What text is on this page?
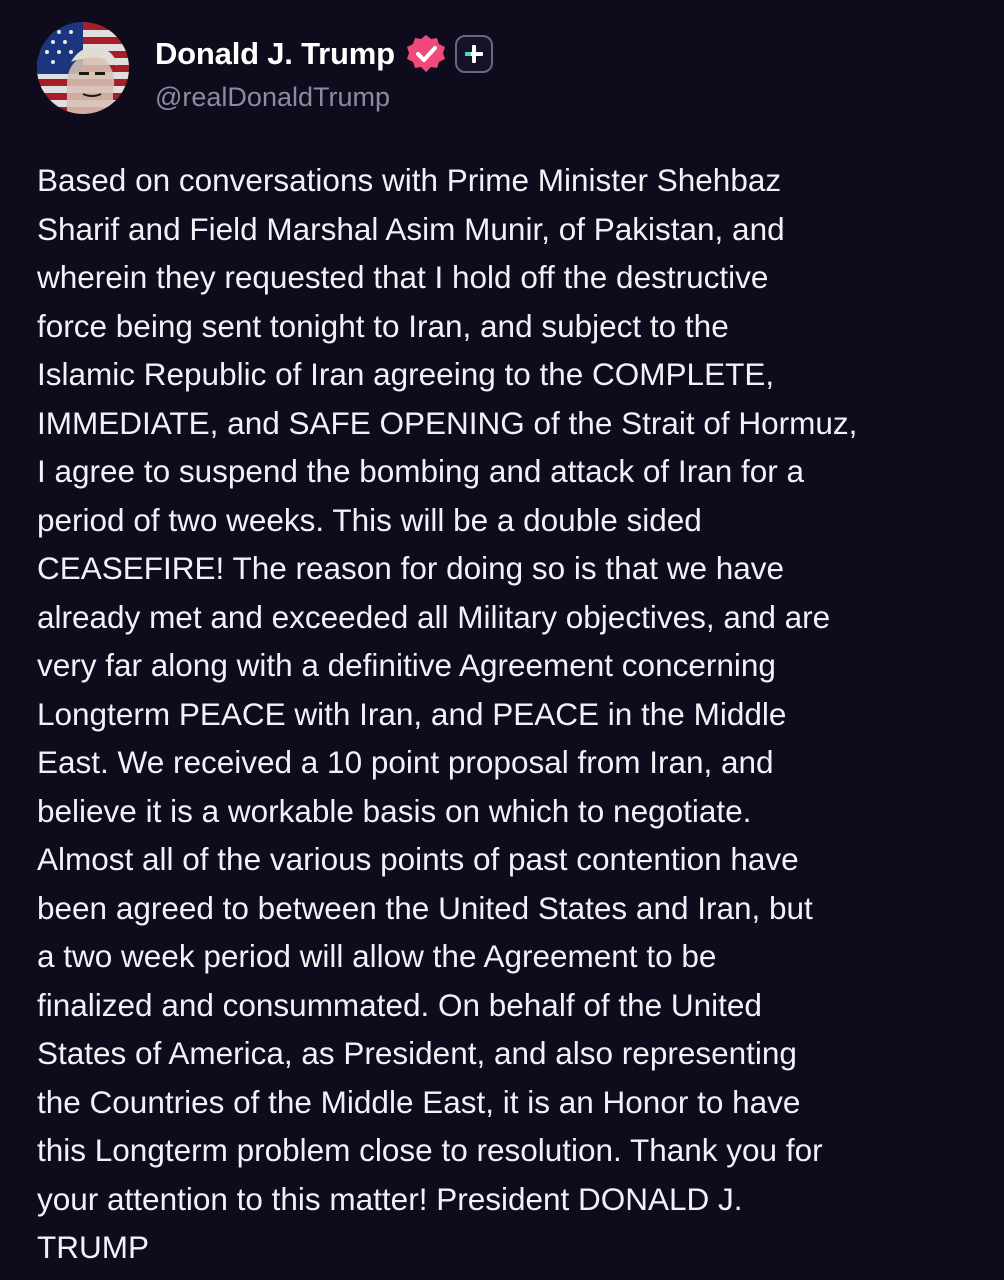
Donald J. Trump
@realDonaldTrump
Based on conversations with Prime Minister Shehbaz
Sharif and Field Marshal Asim Munir, of Pakistan, and
wherein they requested that I hold off the destructive
force being sent tonight to Iran, and subject to the
Islamic Republic of Iran agreeing to the COMPLETE,
IMMEDIATE, and SAFE OPENING of the Strait of Hormuz,
I agree to suspend the bombing and attack of Iran for a
period of two weeks. This will be a double sided
CEASEFIRE! The reason for doing so is that we have
already met and exceeded all Military objectives, and are
very far along with a definitive Agreement concerning
Longterm PEACE with Iran, and PEACE in the Middle
East. We received a 10 point proposal from Iran, and
believe it is a workable basis on which to negotiate.
Almost all of the various points of past contention have
been agreed to between the United States and Iran, but
a two week period will allow the Agreement to be
finalized and consummated. On behalf of the United
States of America, as President, and also representing
the Countries of the Middle East, it is an Honor to have
this Longterm problem close to resolution. Thank you for
your attention to this matter! President DONALD J.
TRUMP
